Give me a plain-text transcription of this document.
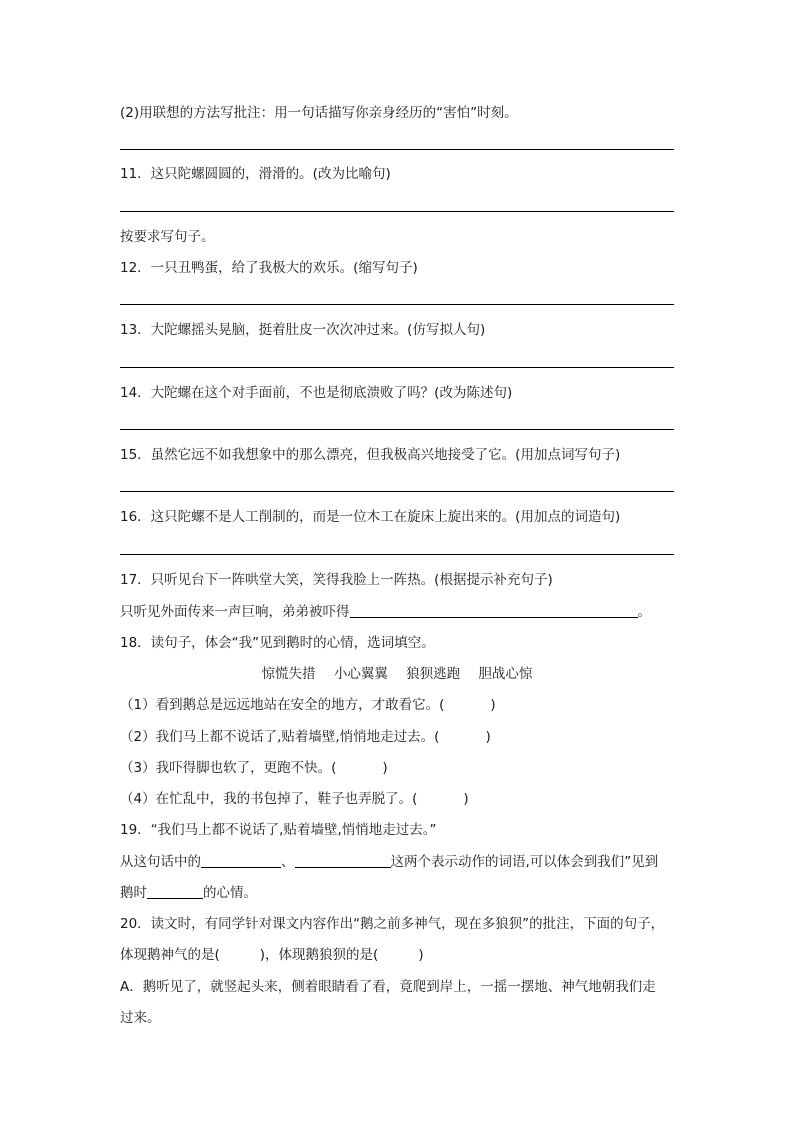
(2)用联想的方法写批注：用一句话描写你亲身经历的“害怕”时刻。
11．这只陀螺圆圆的，滑滑的。(改为比喻句)
按要求写句子。
12．一只丑鸭蛋，给了我极大的欢乐。(缩写句子)
13．大陀螺摇头晃脑，挺着肚皮一次次冲过来。(仿写拟人句)
14．大陀螺在这个对手面前，不也是彻底溃败了吗？(改为陈述句)
15．虽然它远不如我想象中的那么漂亮，但我极高兴地接受了它。(用加点词写句子)
16．这只陀螺不是人工削制的，而是一位木工在旋床上旋出来的。(用加点的词造句)
17．只听见台下一阵哄堂大笑，笑得我脸上一阵热。(根据提示补充句子)
只听见外面传来一声巨响，弟弟被吓得	。
18．读句子，体会“我”见到鹅时的心情，选词填空。
惊慌失措 小心翼翼 狼狈逃跑 胆战心惊
（1）看到鹅总是远远地站在安全的地方，才敢看它。(	)
（2）我们马上都不说话了,贴着墙壁,悄悄地走过去。(	)
（3）我吓得脚也软了，更跑不快。(	)
（4）在忙乱中，我的书包掉了，鞋子也弄脱了。(	)
19．“我们马上都不说话了,贴着墙壁,悄悄地走过去。”
从这句话中的	、	这两个表示动作的词语,可以体会到我们”见到
鹅时	的心情。
20．读文时，有同学针对课文内容作出“鹅之前多神气，现在多狼狈”的批注，下面的句子，
体现鹅神气的是(	)，体现鹅狼狈的是(	)
A．鹅听见了，就竖起头来，侧着眼睛看了看，竟爬到岸上，一摇一摆地、神气地朝我们走
过来。
